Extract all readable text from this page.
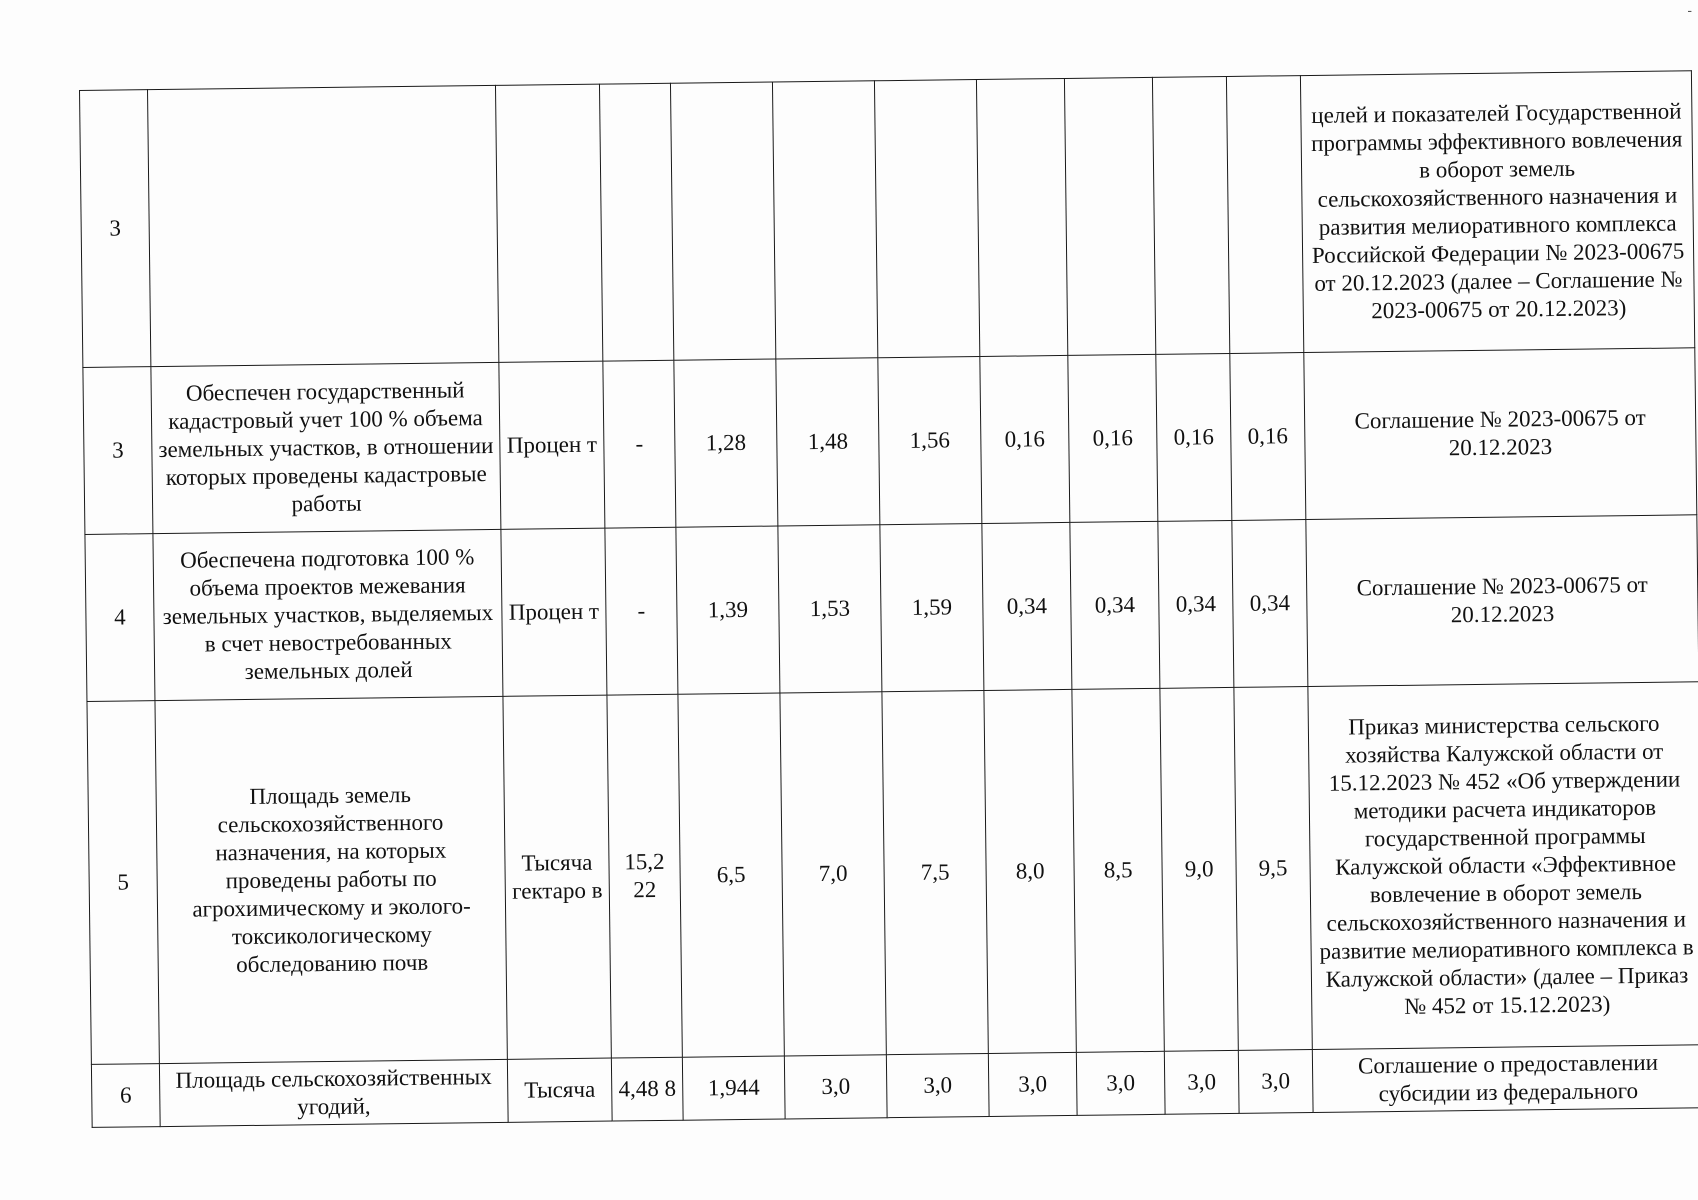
-
3											целей и показателей Государственной программы эффективного вовлечения в оборот земель сельскохозяйственного назначения и развития мелиоративного комплекса Российской Федерации № 2023-00675 от 20.12.2023 (далее – Соглашение № 2023-00675 от 20.12.2023)
3	Обеспечен государственный кадастровый учет 100 % объема земельных участков, в отношении которых проведены кадастровые работы	Процен т	-	1,28	1,48	1,56	0,16	0,16	0,16	0,16	Соглашение № 2023-00675 от 20.12.2023
4	Обеспечена подготовка 100 % объема проектов межевания земельных участков, выделяемых в счет невостребованных земельных долей	Процен т	-	1,39	1,53	1,59	0,34	0,34	0,34	0,34	Соглашение № 2023-00675 от 20.12.2023
5	Площадь земель сельскохозяйственного назначения, на которых проведены работы по агрохимическому и эколого-токсикологическому обследованию почв	Тысяча гектаро в	15,2 22	6,5	7,0	7,5	8,0	8,5	9,0	9,5	Приказ министерства сельского хозяйства Калужской области от 15.12.2023 № 452 «Об утверждении методики расчета индикаторов государственной программы Калужской области «Эффективное вовлечение в оборот земель сельскохозяйственного назначения и развитие мелиоративного комплекса в Калужской области» (далее – Приказ № 452 от 15.12.2023)
6	Площадь сельскохозяйственных угодий,	Тысяча	4,48 8	1,944	3,0	3,0	3,0	3,0	3,0	3,0	Соглашение о предоставлении субсидии из федерального
